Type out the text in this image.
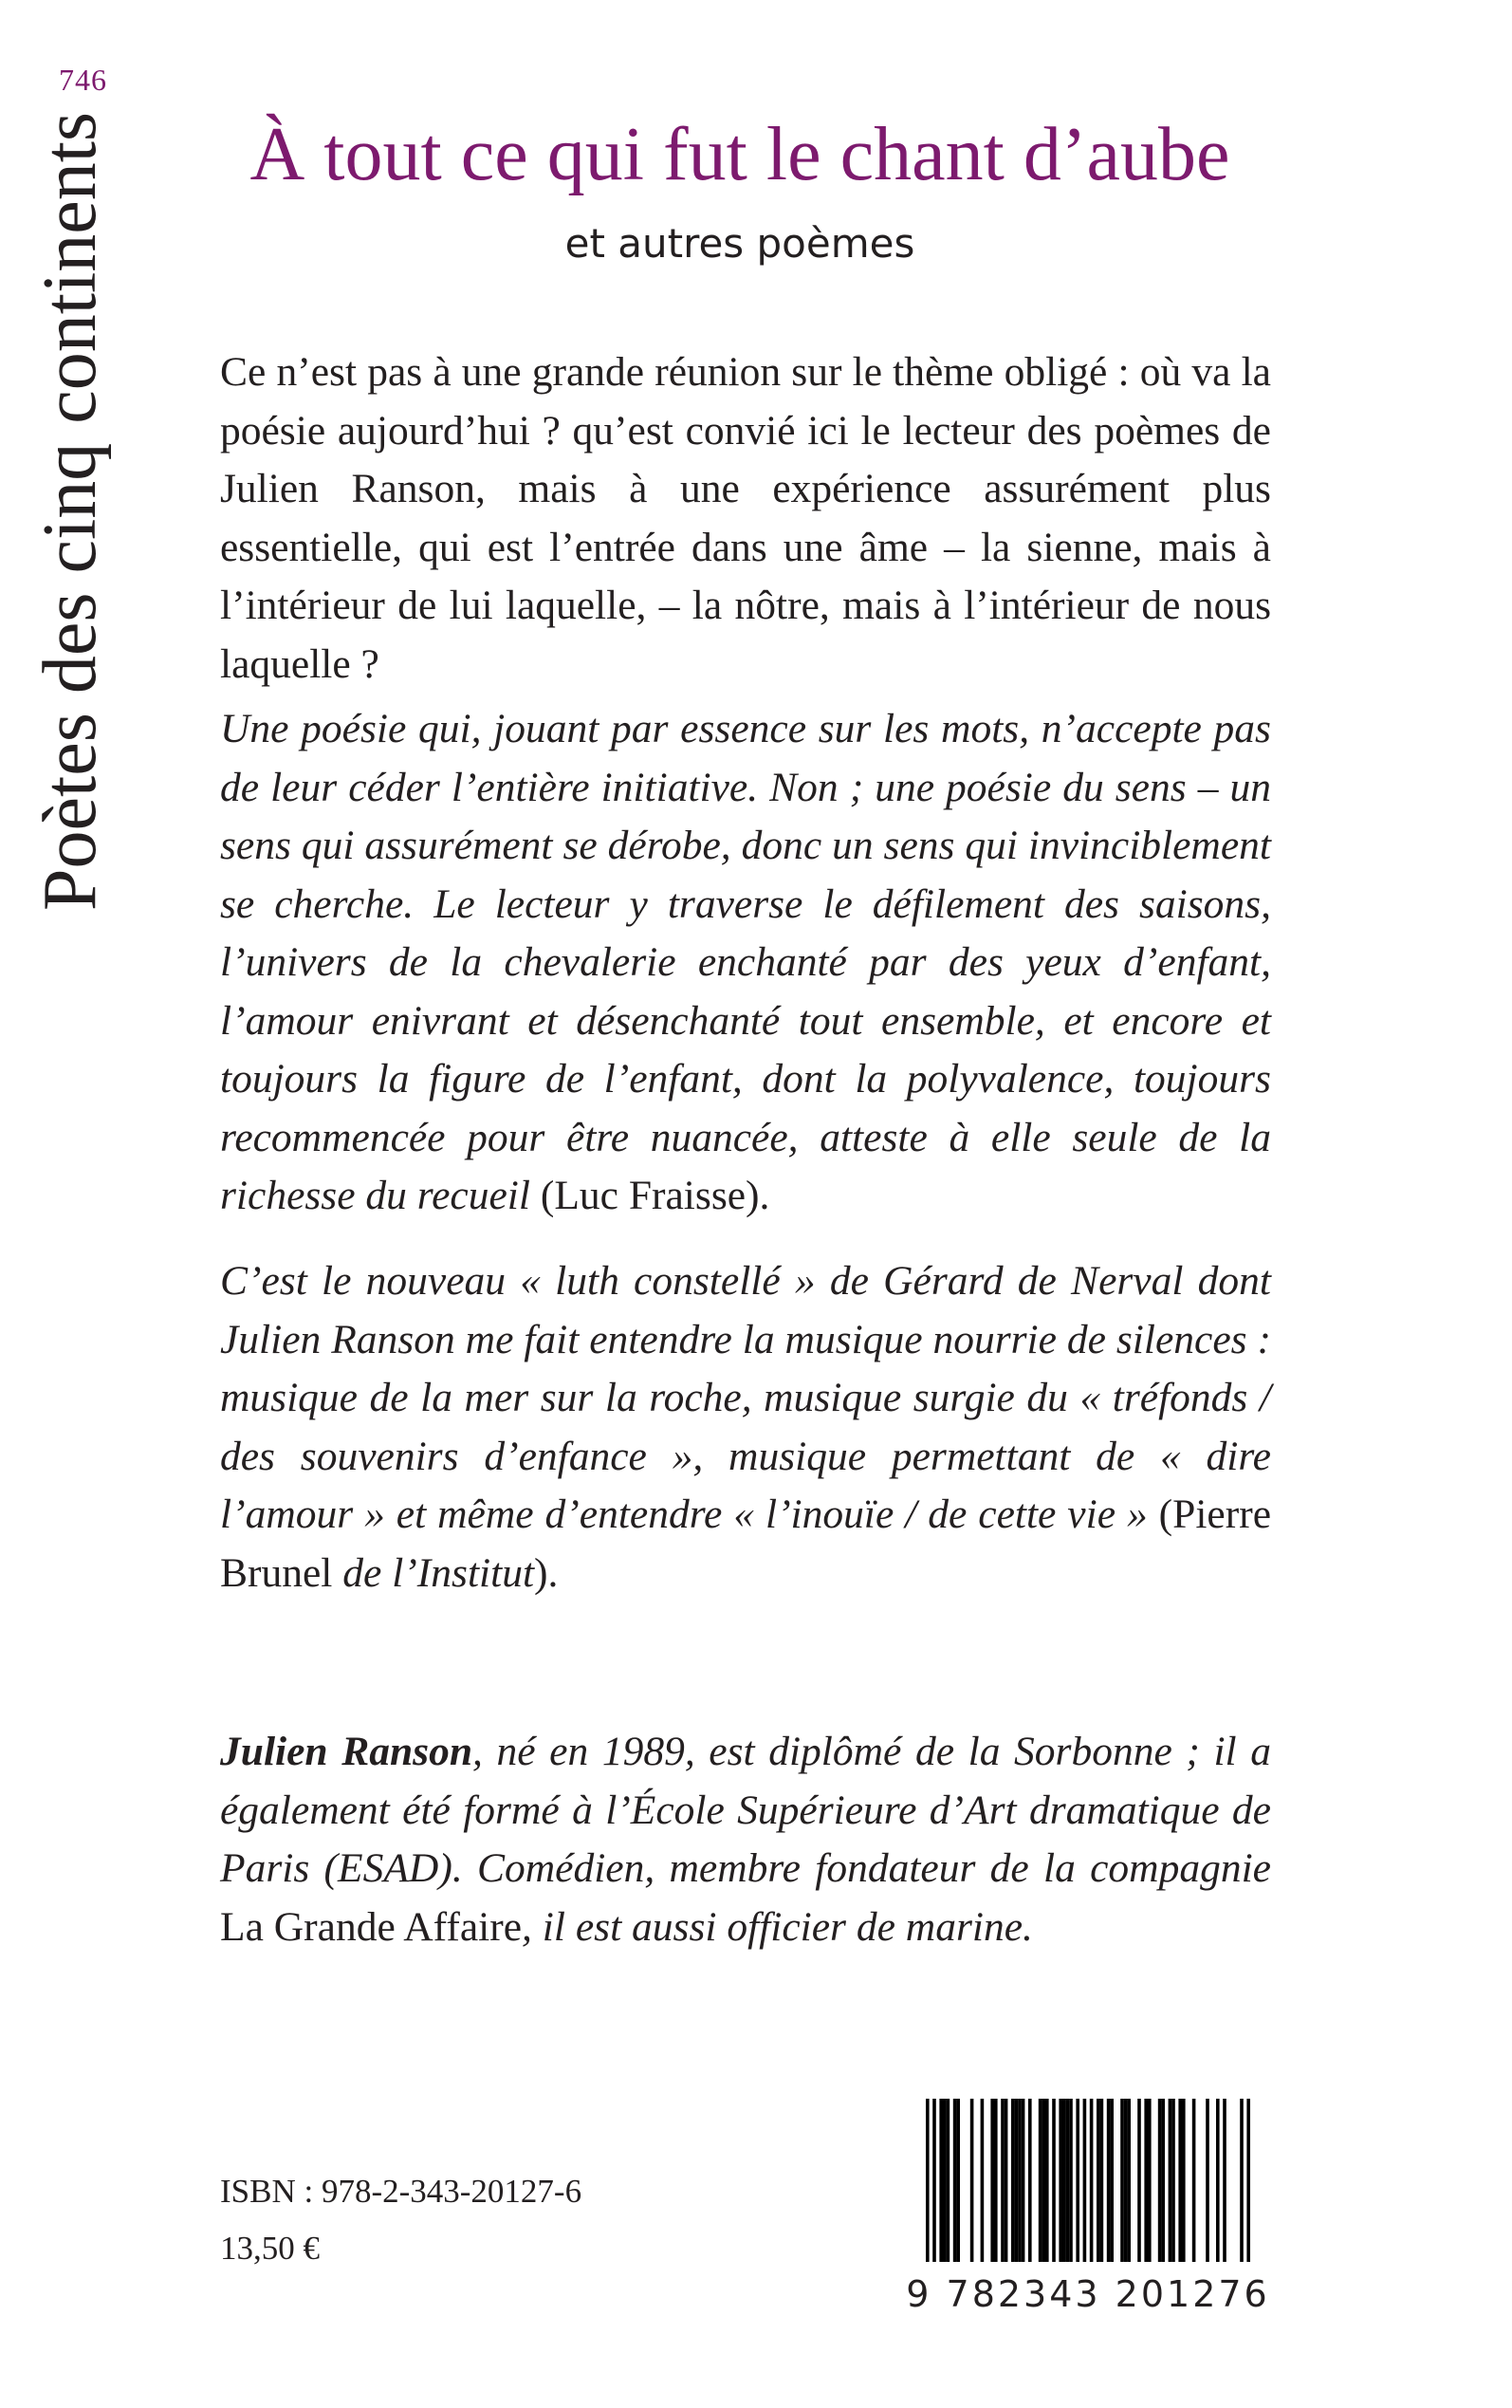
746
Poètes des cinq continents	À tout ce qui fut le chant d’aube
et autres poèmes

Ce n’est pas à une grande réunion sur le thème obligé : où va la poésie aujourd’hui ? qu’est convié ici le lecteur des poèmes de Julien Ranson, mais à une expérience assurément plus essentielle, qui est l’entrée dans une âme – la sienne, mais à l’intérieur de lui laquelle, – la nôtre, mais à l’intérieur de nous laquelle ?

Une poésie qui, jouant par essence sur les mots, n’accepte pas de leur céder l’entière initiative. Non ; une poésie du sens – un sens qui assurément se dérobe, donc un sens qui invinciblement se cherche. Le lecteur y traverse le défilement des saisons, l’univers de la chevalerie enchanté par des yeux d’enfant, l’amour enivrant et désenchanté tout ensemble, et encore et toujours la figure de l’enfant, dont la polyvalence, toujours recommencée pour être nuancée, atteste à elle seule de la richesse du recueil (Luc Fraisse).

C’est le nouveau « luth constellé » de Gérard de Nerval dont Julien Ranson me fait entendre la musique nourrie de silences : musique de la mer sur la roche, musique surgie du « tréfonds / des souvenirs d’enfance », musique permettant de « dire l’amour » et même d’entendre « l’inouïe / de cette vie » (Pierre Brunel de l’Institut).

Julien Ranson, né en 1989, est diplômé de la Sorbonne ; il a également été formé à l’École Supérieure d’Art dramatique de Paris (ESAD). Comédien, membre fondateur de la compagnie La Grande Affaire, il est aussi officier de marine.

ISBN : 978-2-343-20127-6
13,50 €
9 782343 201276
